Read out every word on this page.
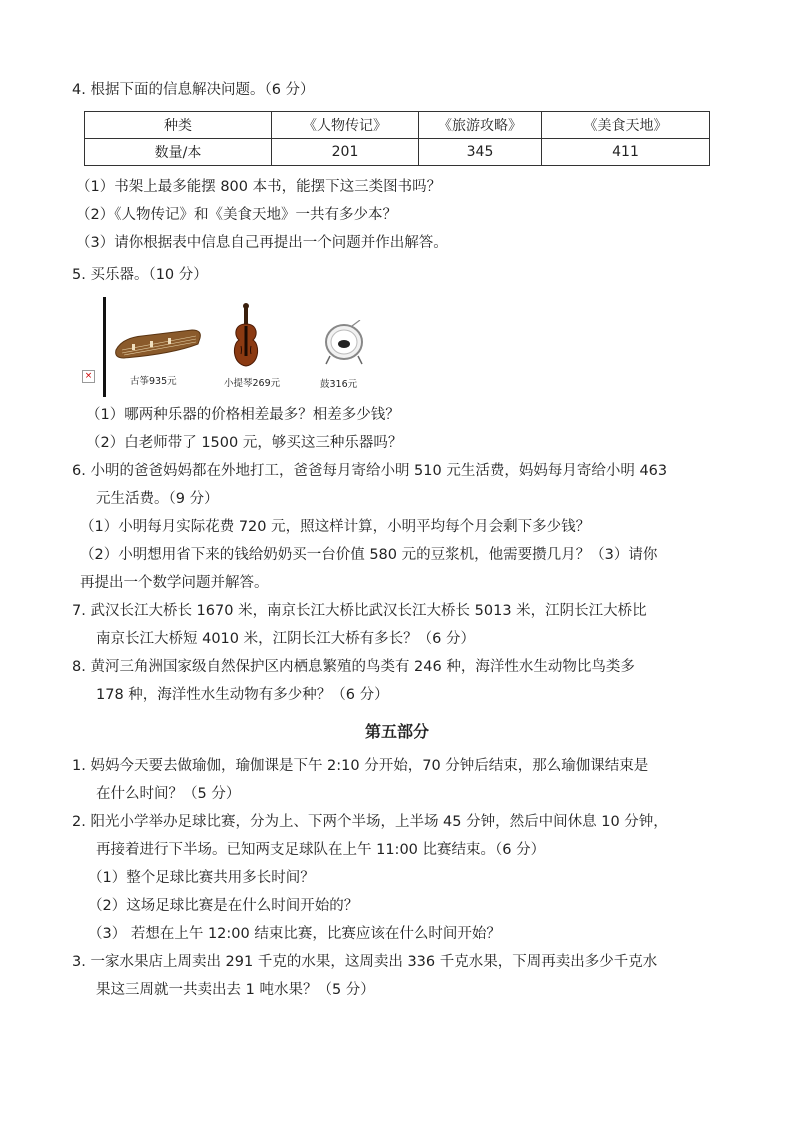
4. 根据下面的信息解决问题。（6 分）
种类	《人物传记》	《旅游攻略》	《美食天地》
数量/本	201	345	411
（1）书架上最多能摆 800 本书，能摆下这三类图书吗？
（2）《人物传记》和《美食天地》一共有多少本？
（3）请你根据表中信息自己再提出一个问题并作出解答。
5. 买乐器。（10 分）
×	古筝935元	小提琴269元	鼓316元
（1）哪两种乐器的价格相差最多？相差多少钱？
（2）白老师带了 1500 元，够买这三种乐器吗？
6. 小明的爸爸妈妈都在外地打工，爸爸每月寄给小明 510 元生活费，妈妈每月寄给小明 463
元生活费。（9 分）
（1）小明每月实际花费 720 元，照这样计算，小明平均每个月会剩下多少钱？
（2）小明想用省下来的钱给奶奶买一台价值 580 元的豆浆机，他需要攒几月？（3）请你
再提出一个数学问题并解答。
7. 武汉长江大桥长 1670 米，南京长江大桥比武汉长江大桥长 5013 米，江阴长江大桥比
南京长江大桥短 4010 米，江阴长江大桥有多长？（6 分）
8. 黄河三角洲国家级自然保护区内栖息繁殖的鸟类有 246 种，海洋性水生动物比鸟类多
178 种，海洋性水生动物有多少种？（6 分）
第五部分
1. 妈妈今天要去做瑜伽，瑜伽课是下午 2:10 分开始，70 分钟后结束，那么瑜伽课结束是
在什么时间？（5 分）
2. 阳光小学举办足球比赛，分为上、下两个半场，上半场 45 分钟，然后中间休息 10 分钟，
再接着进行下半场。已知两支足球队在上午 11:00 比赛结束。（6 分）
（1）整个足球比赛共用多长时间？
（2）这场足球比赛是在什么时间开始的？
（3） 若想在上午 12:00 结束比赛，比赛应该在什么时间开始？
3. 一家水果店上周卖出 291 千克的水果，这周卖出 336 千克水果，下周再卖出多少千克水
果这三周就一共卖出去 1 吨水果？（5 分）
